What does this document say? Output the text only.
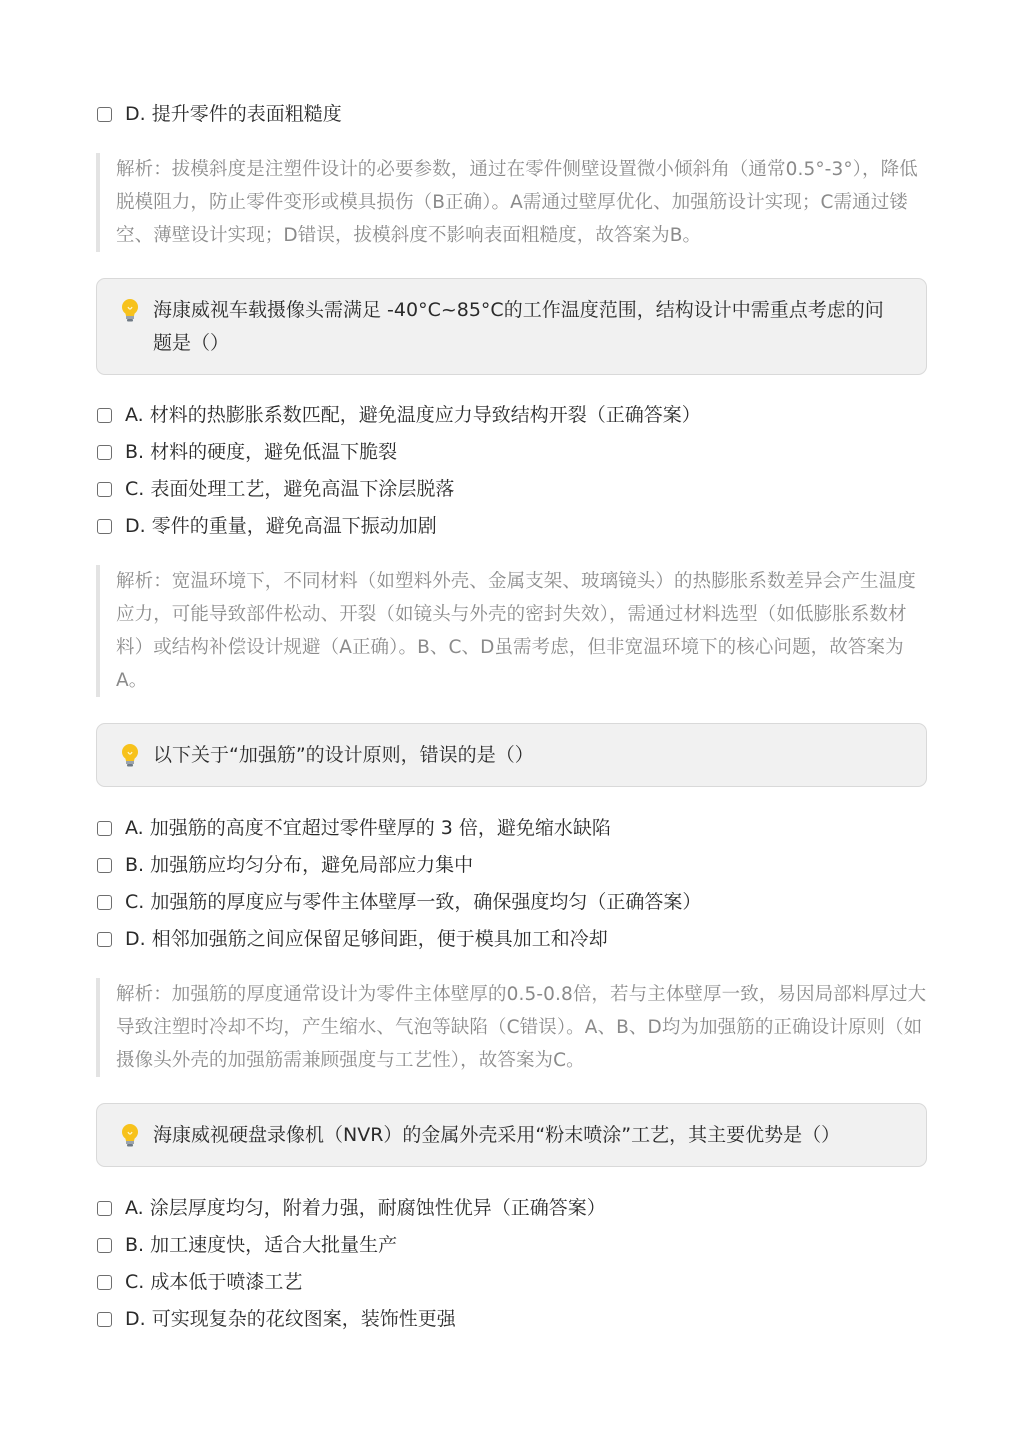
D. 提升零件的表面粗糙度
解析：拔模斜度是注塑件设计的必要参数，通过在零件侧壁设置微小倾斜角（通常0.5°-3°），降低脱模阻力，防止零件变形或模具损伤（B正确）。A需通过壁厚优化、加强筋设计实现；C需通过镂空、薄壁设计实现；D错误，拔模斜度不影响表面粗糙度，故答案为B。
海康威视车载摄像头需满足 -40°C~85°C的工作温度范围，结构设计中需重点考虑的问题是（）
A. 材料的热膨胀系数匹配，避免温度应力导致结构开裂（正确答案）
B. 材料的硬度，避免低温下脆裂
C. 表面处理工艺，避免高温下涂层脱落
D. 零件的重量，避免高温下振动加剧
解析：宽温环境下，不同材料（如塑料外壳、金属支架、玻璃镜头）的热膨胀系数差异会产生温度应力，可能导致部件松动、开裂（如镜头与外壳的密封失效），需通过材料选型（如低膨胀系数材料）或结构补偿设计规避（A正确）。B、C、D虽需考虑，但非宽温环境下的核心问题，故答案为A。
以下关于“加强筋”的设计原则，错误的是（）
A. 加强筋的高度不宜超过零件壁厚的 3 倍，避免缩水缺陷
B. 加强筋应均匀分布，避免局部应力集中
C. 加强筋的厚度应与零件主体壁厚一致，确保强度均匀（正确答案）
D. 相邻加强筋之间应保留足够间距，便于模具加工和冷却
解析：加强筋的厚度通常设计为零件主体壁厚的0.5-0.8倍，若与主体壁厚一致，易因局部料厚过大导致注塑时冷却不均，产生缩水、气泡等缺陷（C错误）。A、B、D均为加强筋的正确设计原则（如摄像头外壳的加强筋需兼顾强度与工艺性），故答案为C。
海康威视硬盘录像机（NVR）的金属外壳采用“粉末喷涂”工艺，其主要优势是（）
A. 涂层厚度均匀，附着力强，耐腐蚀性优异（正确答案）
B. 加工速度快，适合大批量生产
C. 成本低于喷漆工艺
D. 可实现复杂的花纹图案，装饰性更强
